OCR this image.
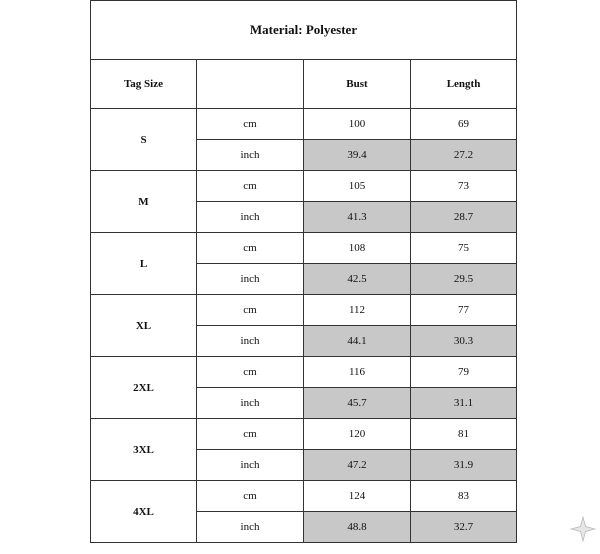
Material: Polyester			
Tag Size		Bust	Length
S	cm	100	69
	inch	39.4	27.2
M	cm	105	73
	inch	41.3	28.7
L	cm	108	75
	inch	42.5	29.5
XL	cm	112	77
	inch	44.1	30.3
2XL	cm	116	79
	inch	45.7	31.1
3XL	cm	120	81
	inch	47.2	31.9
4XL	cm	124	83
	inch	48.8	32.7
